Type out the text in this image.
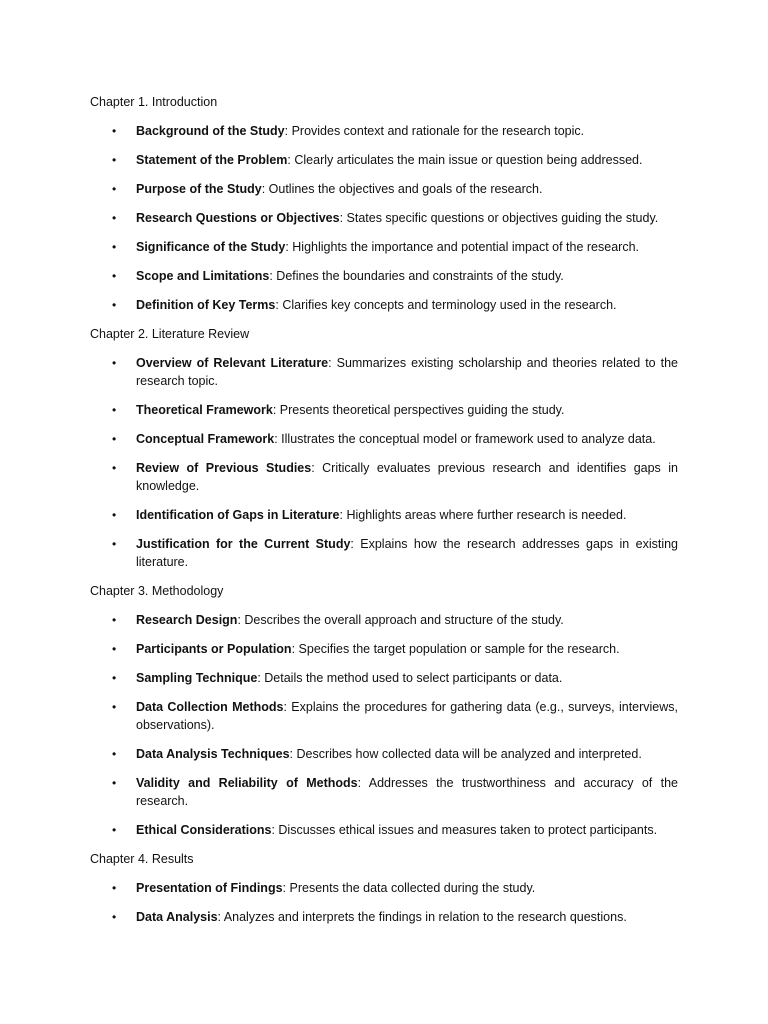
Chapter 1. Introduction
• Background of the Study: Provides context and rationale for the research topic.
• Statement of the Problem: Clearly articulates the main issue or question being addressed.
• Purpose of the Study: Outlines the objectives and goals of the research.
• Research Questions or Objectives: States specific questions or objectives guiding the study.
• Significance of the Study: Highlights the importance and potential impact of the research.
• Scope and Limitations: Defines the boundaries and constraints of the study.
• Definition of Key Terms: Clarifies key concepts and terminology used in the research.
Chapter 2. Literature Review
• Overview of Relevant Literature: Summarizes existing scholarship and theories related to the research topic.
• Theoretical Framework: Presents theoretical perspectives guiding the study.
• Conceptual Framework: Illustrates the conceptual model or framework used to analyze data.
• Review of Previous Studies: Critically evaluates previous research and identifies gaps in knowledge.
• Identification of Gaps in Literature: Highlights areas where further research is needed.
• Justification for the Current Study: Explains how the research addresses gaps in existing literature.
Chapter 3. Methodology
• Research Design: Describes the overall approach and structure of the study.
• Participants or Population: Specifies the target population or sample for the research.
• Sampling Technique: Details the method used to select participants or data.
• Data Collection Methods: Explains the procedures for gathering data (e.g., surveys, interviews, observations).
• Data Analysis Techniques: Describes how collected data will be analyzed and interpreted.
• Validity and Reliability of Methods: Addresses the trustworthiness and accuracy of the research.
• Ethical Considerations: Discusses ethical issues and measures taken to protect participants.
Chapter 4. Results
• Presentation of Findings: Presents the data collected during the study.
• Data Analysis: Analyzes and interprets the findings in relation to the research questions.
